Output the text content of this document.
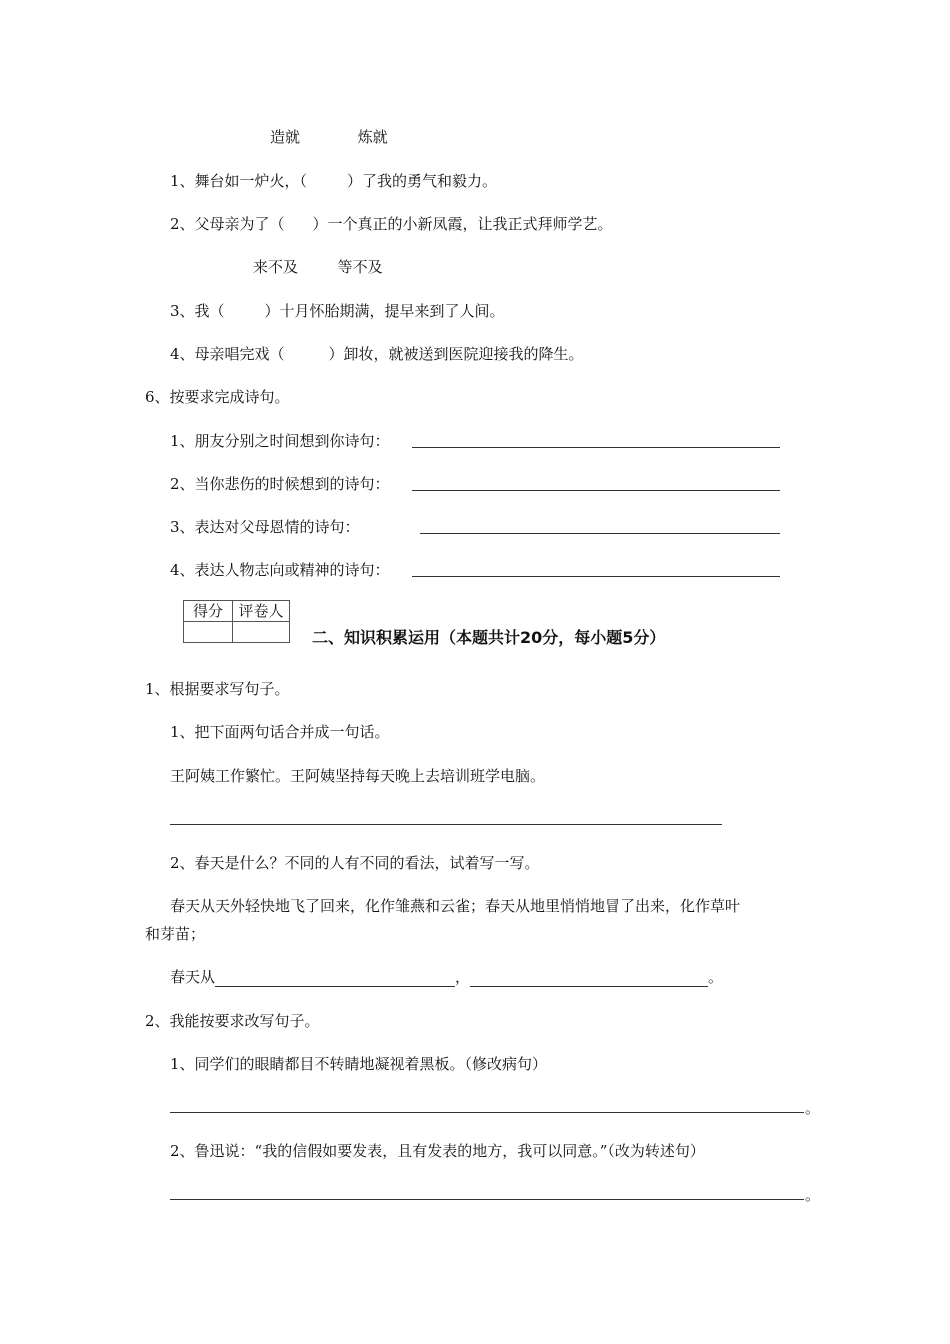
造就	炼就
1、舞台如一炉火，（	）了我的勇气和毅力。
2、父母亲为了（ ）一个真正的小新凤霞，让我正式拜师学艺。
来不及	等不及
3、我（	）十月怀胎期满，提早来到了人间。
4、母亲唱完戏（	）卸妆，就被送到医院迎接我的降生。
6、按要求完成诗句。
1、朋友分别之时间想到你诗句：
2、当你悲伤的时候想到的诗句：
3、表达对父母恩情的诗句：
4、表达人物志向或精神的诗句：
得分	评卷人

二、知识积累运用（本题共计20分，每小题5分）
1、根据要求写句子。
1、把下面两句话合并成一句话。
王阿姨工作繁忙。王阿姨坚持每天晚上去培训班学电脑。
2、春天是什么？不同的人有不同的看法，试着写一写。
春天从天外轻快地飞了回来，化作雏燕和云雀；春天从地里悄悄地冒了出来，化作草叶
和芽苗；
春天从	，	。
2、我能按要求改写句子。
1、同学们的眼睛都目不转睛地凝视着黑板。（修改病句）
。
2、鲁迅说：“我的信假如要发表，且有发表的地方，我可以同意。”（改为转述句）
。
